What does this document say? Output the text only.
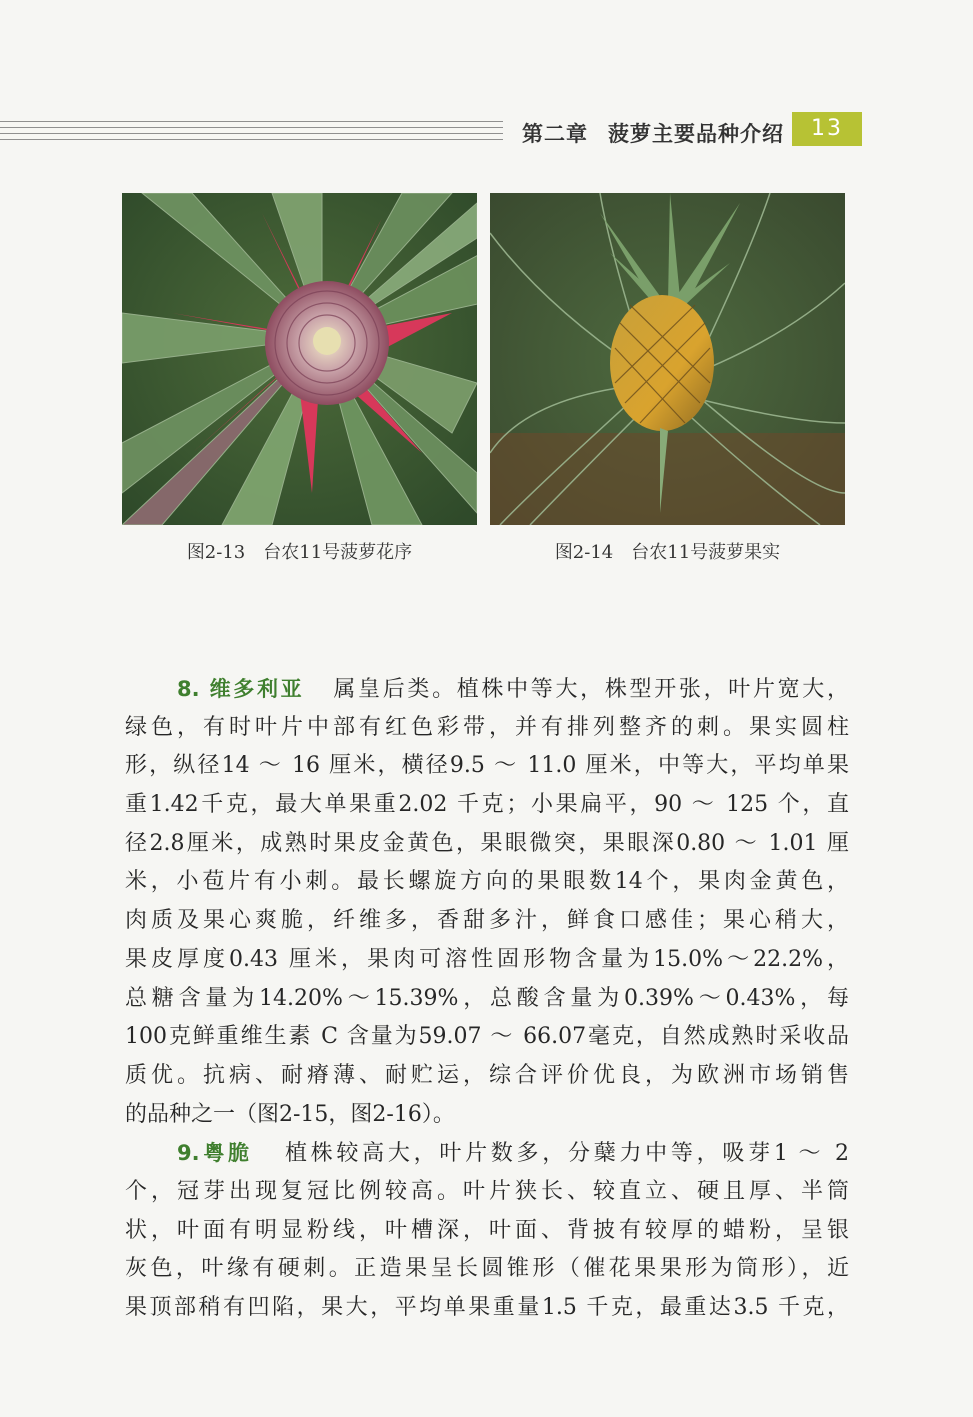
第二章 菠萝主要品种介绍	13
图2-13 台农11号菠萝花序	图2-14 台农11号菠萝果实
8. 维多利亚 属皇后类。植株中等大，株型开张，叶片宽大，
绿色，有时叶片中部有红色彩带，并有排列整齐的刺。果实圆柱
形，纵径14 ～ 16 厘米，横径9.5 ～ 11.0 厘米，中等大，平均单果
重1.42千克，最大单果重2.02 千克；小果扁平，90 ～ 125 个，直
径2.8厘米，成熟时果皮金黄色，果眼微突，果眼深0.80 ～ 1.01 厘
米，小苞片有小刺。最长螺旋方向的果眼数14个，果肉金黄色，
肉质及果心爽脆，纤维多，香甜多汁，鲜食口感佳；果心稍大，
果皮厚度0.43 厘米，果肉可溶性固形物含量为15.0%～22.2%，
总糖含量为14.20%～15.39%，总酸含量为0.39%～0.43%，每
100克鲜重维生素 C 含量为59.07 ～ 66.07毫克，自然成熟时采收品
质优。抗病、耐瘠薄、耐贮运，综合评价优良，为欧洲市场销售
的品种之一（图2-15，图2-16）。
9.粤脆 植株较高大，叶片数多，分蘖力中等，吸芽1 ～ 2
个，冠芽出现复冠比例较高。叶片狭长、较直立、硬且厚、半筒
状，叶面有明显粉线，叶槽深，叶面、背披有较厚的蜡粉，呈银
灰色，叶缘有硬刺。正造果呈长圆锥形（催花果果形为筒形），近
果顶部稍有凹陷，果大，平均单果重量1.5 千克，最重达3.5 千克，
